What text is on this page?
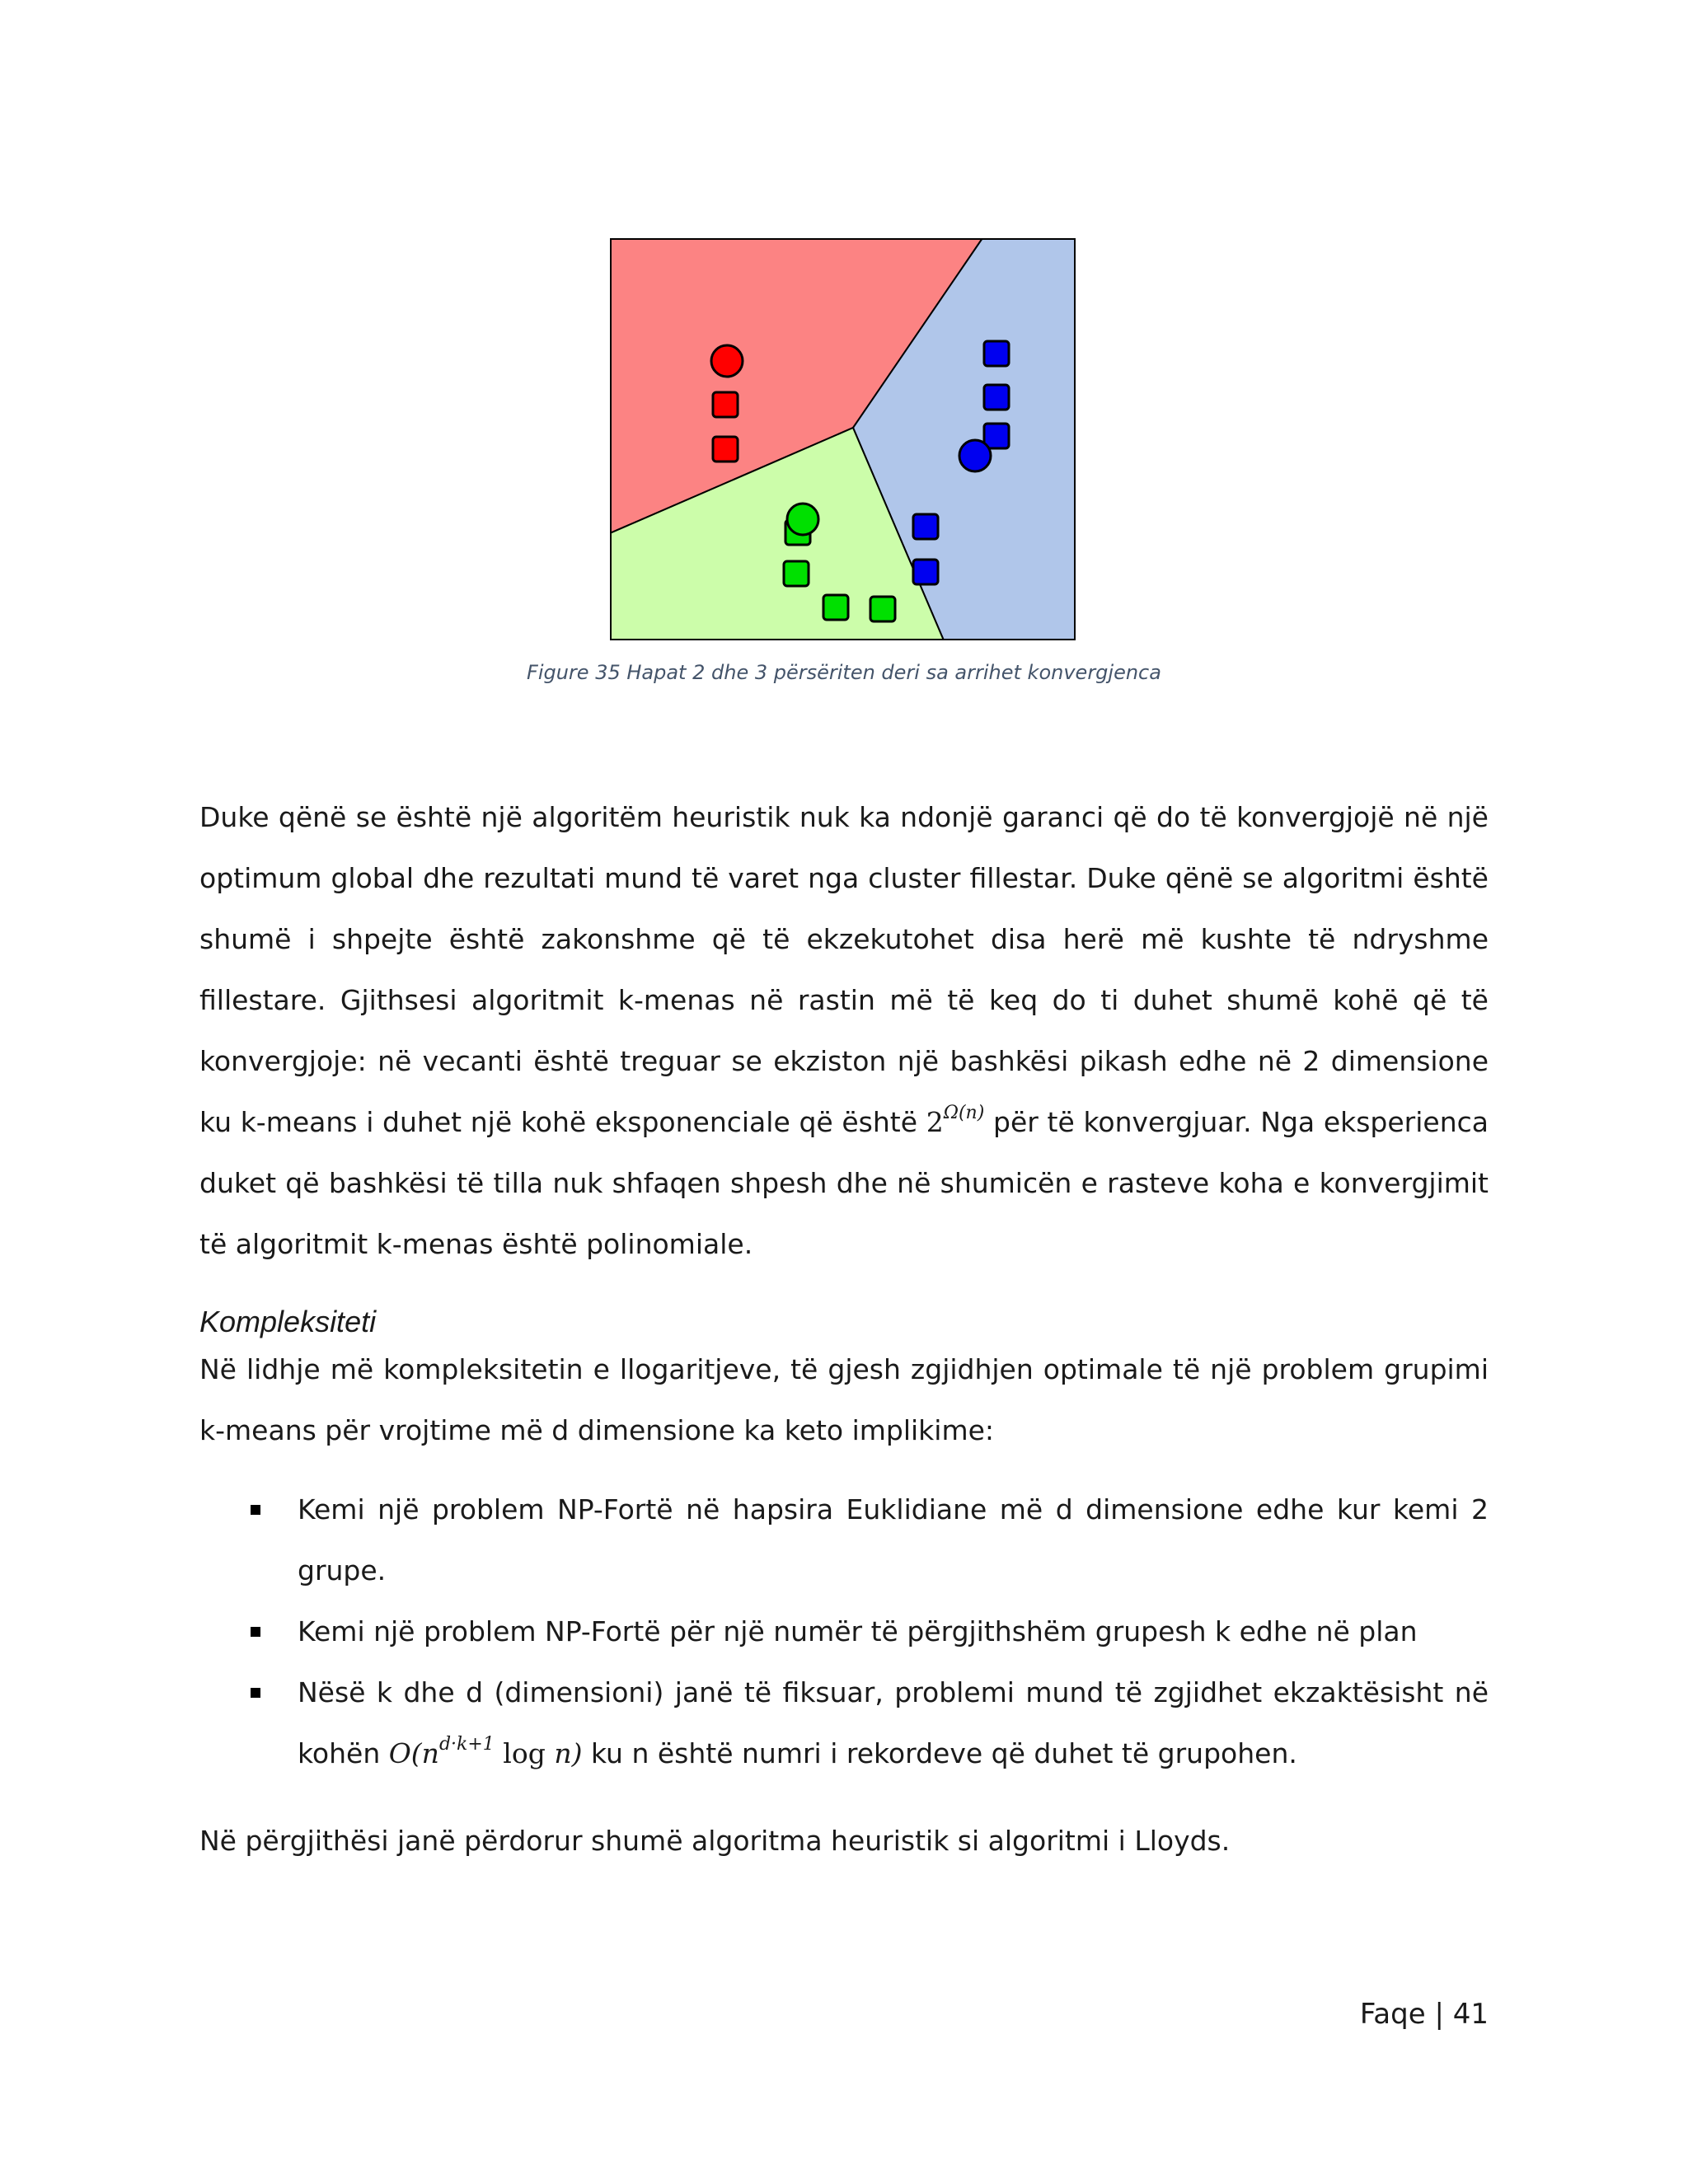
Figure 35 Hapat 2 dhe 3 përsëriten deri sa arrihet konvergjenca

Duke qënë se është një algoritëm heuristik nuk ka ndonjë garanci që do të konvergjojë në një optimum global dhe rezultati mund të varet nga cluster fillestar. Duke qënë se algoritmi është shumë i shpejte është zakonshme që të ekzekutohet disa herë më kushte të ndryshme fillestare. Gjithsesi algoritmit k-menas në rastin më të keq do ti duhet shumë kohë që të konvergjoje: në vecanti është treguar se ekziston një bashkësi pikash edhe në 2 dimensione ku k-means i duhet një kohë eksponenciale që është $2^{\Omega(n)}$ për të konvergjuar. Nga eksperienca duket që bashkësi të tilla nuk shfaqen shpesh dhe në shumicën e rasteve koha e konvergjimit të algoritmit k-menas është polinomiale.

Kompleksiteti

Në lidhje më kompleksitetin e llogaritjeve, të gjesh zgjidhjen optimale të një problem grupimi k-means për vrojtime më d dimensione ka keto implikime:

Kemi një problem NP-Fortë në hapsira Euklidiane më d dimensione edhe kur kemi 2 grupe.
Kemi një problem NP-Fortë për një numër të përgjithshëm grupesh k edhe në plan
Nësë k dhe d (dimensioni) janë të fiksuar, problemi mund të zgjidhet ekzaktësisht në kohën $O(n^{d\cdot k+1}$ log n) ku n është numri i rekordeve që duhet të grupohen.

Në përgjithësi janë përdorur shumë algoritma heuristik si algoritmi i Lloyds.

Faqe | 41
